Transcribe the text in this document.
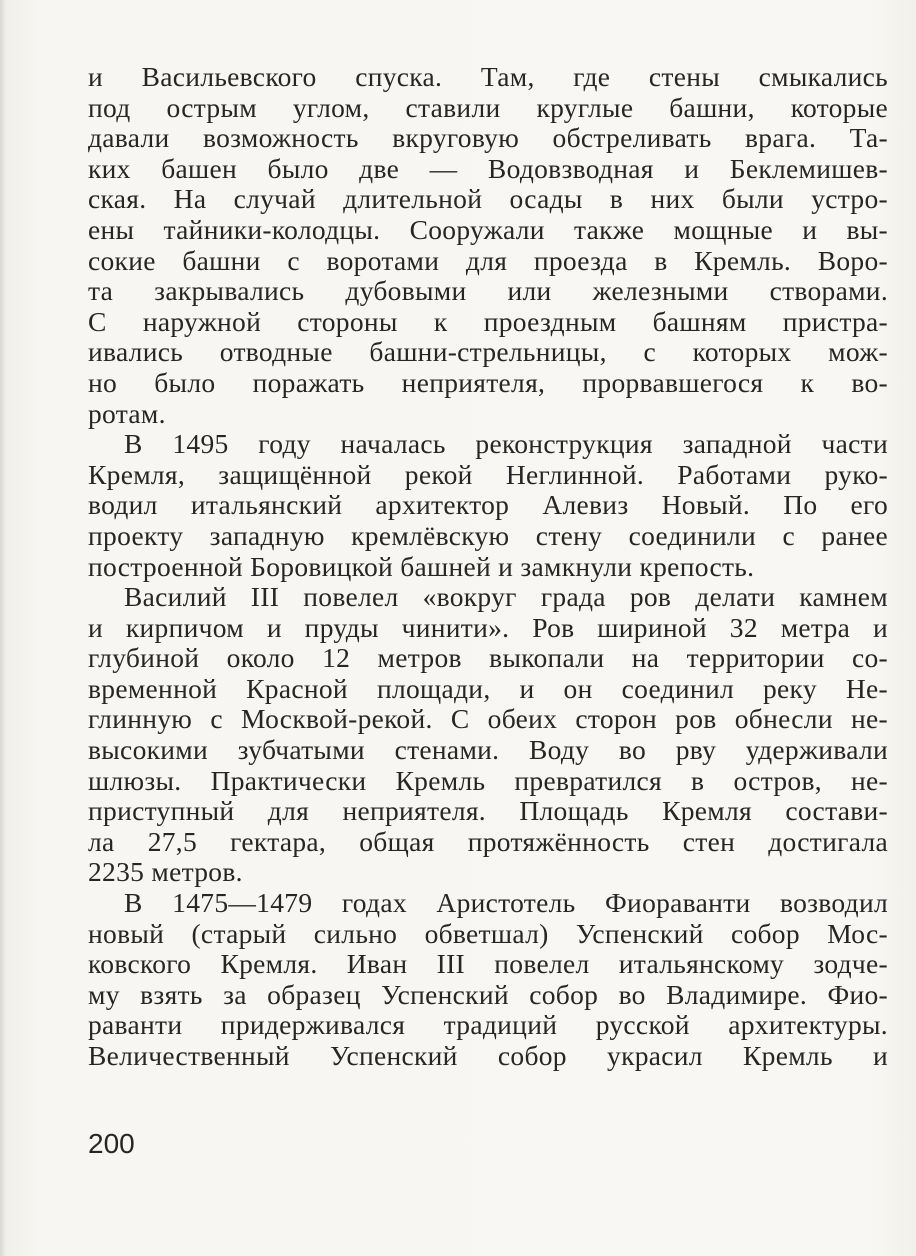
и Васильевского спуска. Там, где стены смыкались
под острым углом, ставили круглые башни, которые
давали возможность вкруговую обстреливать врага. Та-
ких башен было две — Водовзводная и Беклемишев-
ская. На случай длительной осады в них были устро-
ены тайники-колодцы. Сооружали также мощные и вы-
сокие башни с воротами для проезда в Кремль. Воро-
та закрывались дубовыми или железными створами.
С наружной стороны к проездным башням пристра-
ивались отводные башни-стрельницы, с которых мож-
но было поражать неприятеля, прорвавшегося к во-
ротам.
В 1495 году началась реконструкция западной части
Кремля, защищённой рекой Неглинной. Работами руко-
водил итальянский архитектор Алевиз Новый. По его
проекту западную кремлёвскую стену соединили с ранее
построенной Боровицкой башней и замкнули крепость.
Василий III повелел «вокруг града ров делати камнем
и кирпичом и пруды чинити». Ров шириной 32 метра и
глубиной около 12 метров выкопали на территории со-
временной Красной площади, и он соединил реку Не-
глинную с Москвой-рекой. С обеих сторон ров обнесли не-
высокими зубчатыми стенами. Воду во рву удерживали
шлюзы. Практически Кремль превратился в остров, не-
приступный для неприятеля. Площадь Кремля состави-
ла 27,5 гектара, общая протяжённость стен достигала
2235 метров.
В 1475—1479 годах Аристотель Фиораванти возводил
новый (старый сильно обветшал) Успенский собор Мос-
ковского Кремля. Иван III повелел итальянскому зодче-
му взять за образец Успенский собор во Владимире. Фио-
раванти придерживался традиций русской архитектуры.
Величественный Успенский собор украсил Кремль и
200
